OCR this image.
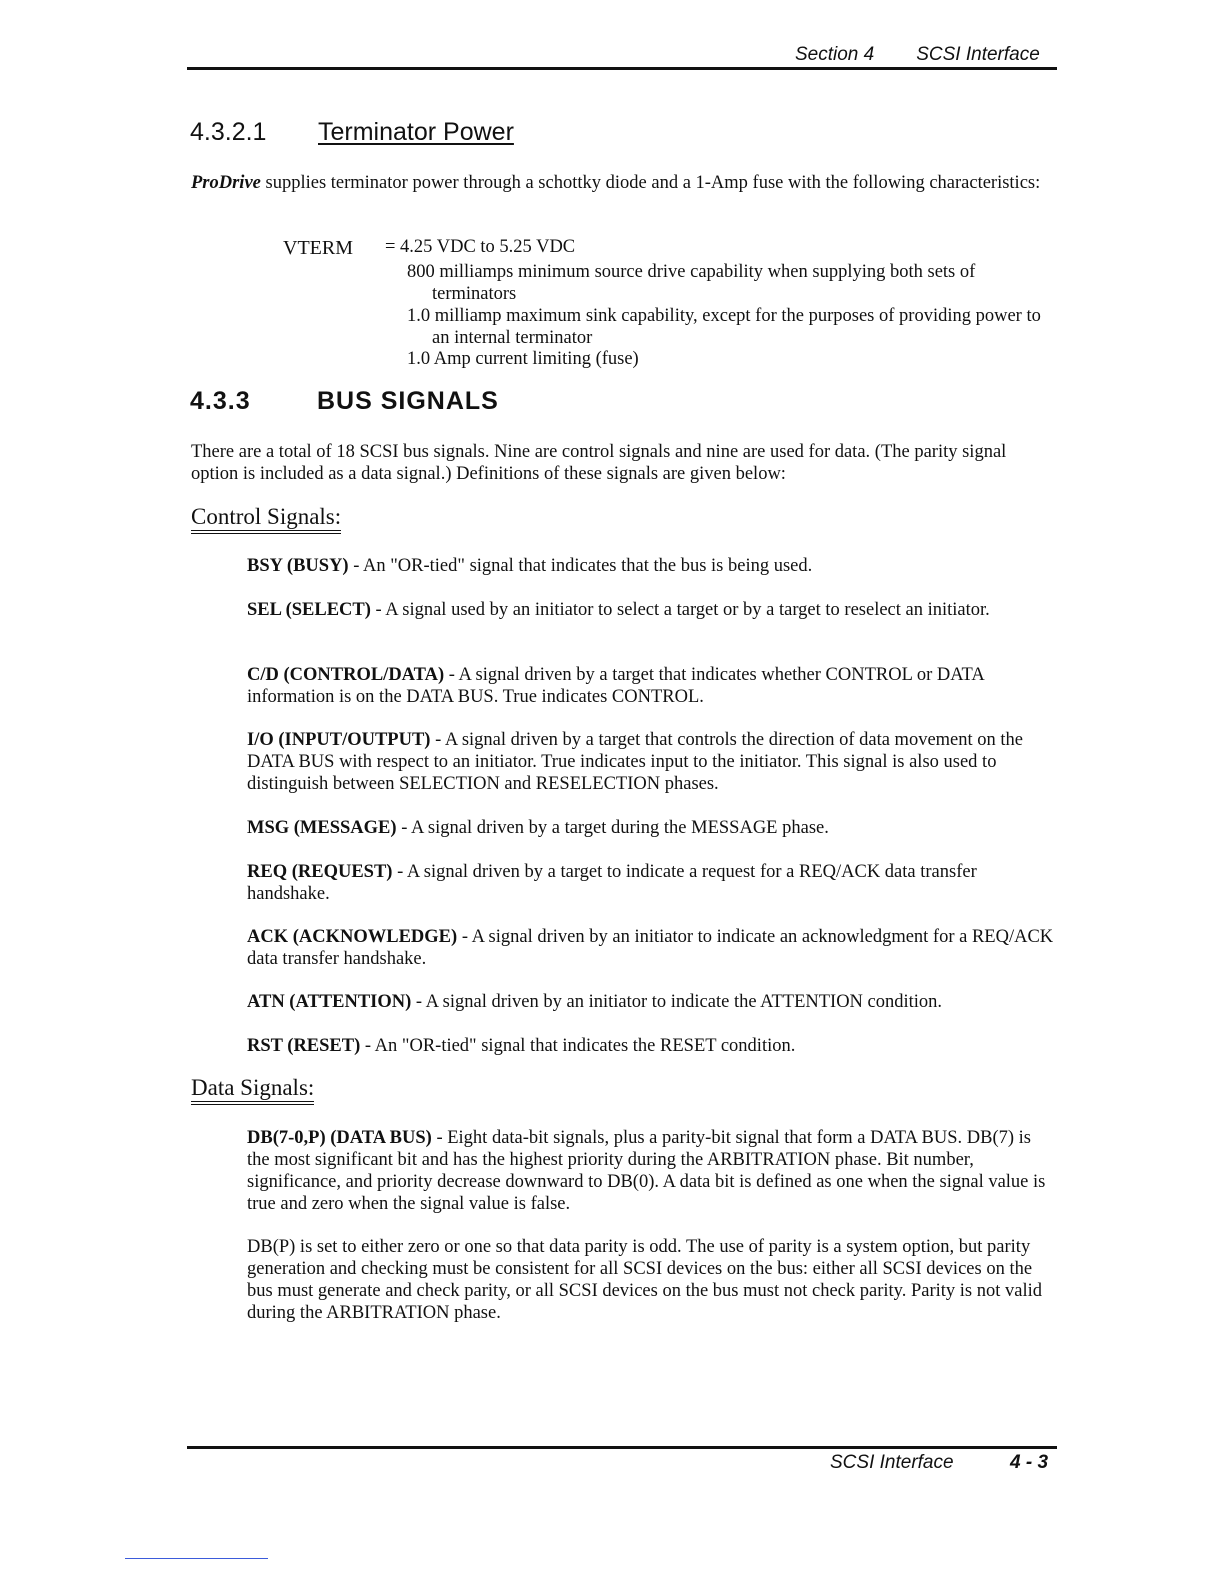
Section 4 SCSI Interface
4.3.2.1 Terminator Power
ProDrive supplies terminator power through a schottky diode and a 1-Amp fuse with the following characteristics:
VTERM = 4.25 VDC to 5.25 VDC
800 milliamps minimum source drive capability when supplying both sets of terminators
1.0 milliamp maximum sink capability, except for the purposes of providing power to an internal terminator
1.0 Amp current limiting (fuse)
4.3.3	BUS SIGNALS
There are a total of 18 SCSI bus signals. Nine are control signals and nine are used for data. (The parity signal option is included as a data signal.) Definitions of these signals are given below:
Control Signals:
BSY (BUSY) - An "OR-tied" signal that indicates that the bus is being used.
SEL (SELECT) - A signal used by an initiator to select a target or by a target to reselect an initiator.
C/D (CONTROL/DATA) - A signal driven by a target that indicates whether CONTROL or DATA information is on the DATA BUS. True indicates CONTROL.
I/O (INPUT/OUTPUT) - A signal driven by a target that controls the direction of data movement on the DATA BUS with respect to an initiator. True indicates input to the initiator. This signal is also used to distinguish between SELECTION and RESELECTION phases.
MSG (MESSAGE) - A signal driven by a target during the MESSAGE phase.
REQ (REQUEST) - A signal driven by a target to indicate a request for a REQ/ACK data transfer handshake.
ACK (ACKNOWLEDGE) - A signal driven by an initiator to indicate an acknowledgment for a REQ/ACK data transfer handshake.
ATN (ATTENTION) - A signal driven by an initiator to indicate the ATTENTION condition.
RST (RESET) - An "OR-tied" signal that indicates the RESET condition.
Data Signals:
DB(7-0,P) (DATA BUS) - Eight data-bit signals, plus a parity-bit signal that form a DATA BUS. DB(7) is the most significant bit and has the highest priority during the ARBITRATION phase. Bit number, significance, and priority decrease downward to DB(0). A data bit is defined as one when the signal value is true and zero when the signal value is false.
DB(P) is set to either zero or one so that data parity is odd. The use of parity is a system option, but parity generation and checking must be consistent for all SCSI devices on the bus: either all SCSI devices on the bus must generate and check parity, or all SCSI devices on the bus must not check parity. Parity is not valid during the ARBITRATION phase.
SCSI Interface	4 - 3
